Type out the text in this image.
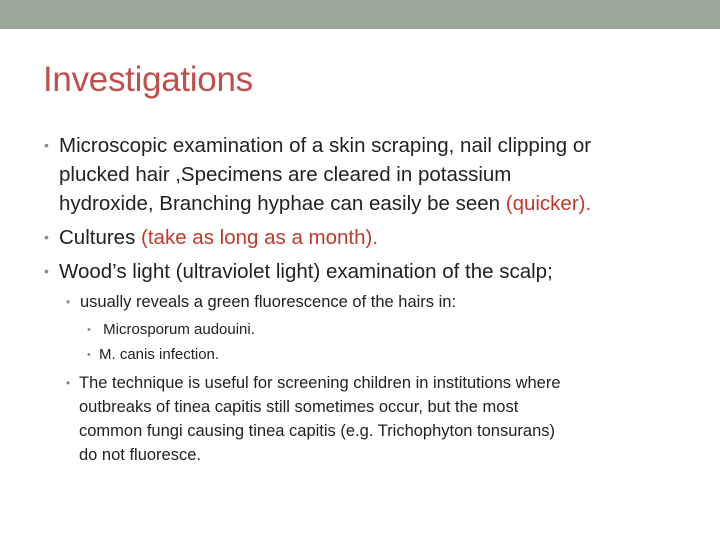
Investigations
• Microscopic examination of a skin scraping, nail clipping or
plucked hair ,Specimens are cleared in potassium
hydroxide, Branching hyphae can easily be seen (quicker).
• Cultures (take as long as a month).
• Wood’s light (ultraviolet light) examination of the scalp;
• usually reveals a green fluorescence of the hairs in:
• Microsporum audouini.
• M. canis infection.
• The technique is useful for screening children in institutions where
outbreaks of tinea capitis still sometimes occur, but the most
common fungi causing tinea capitis (e.g. Trichophyton tonsurans)
do not fluoresce.
